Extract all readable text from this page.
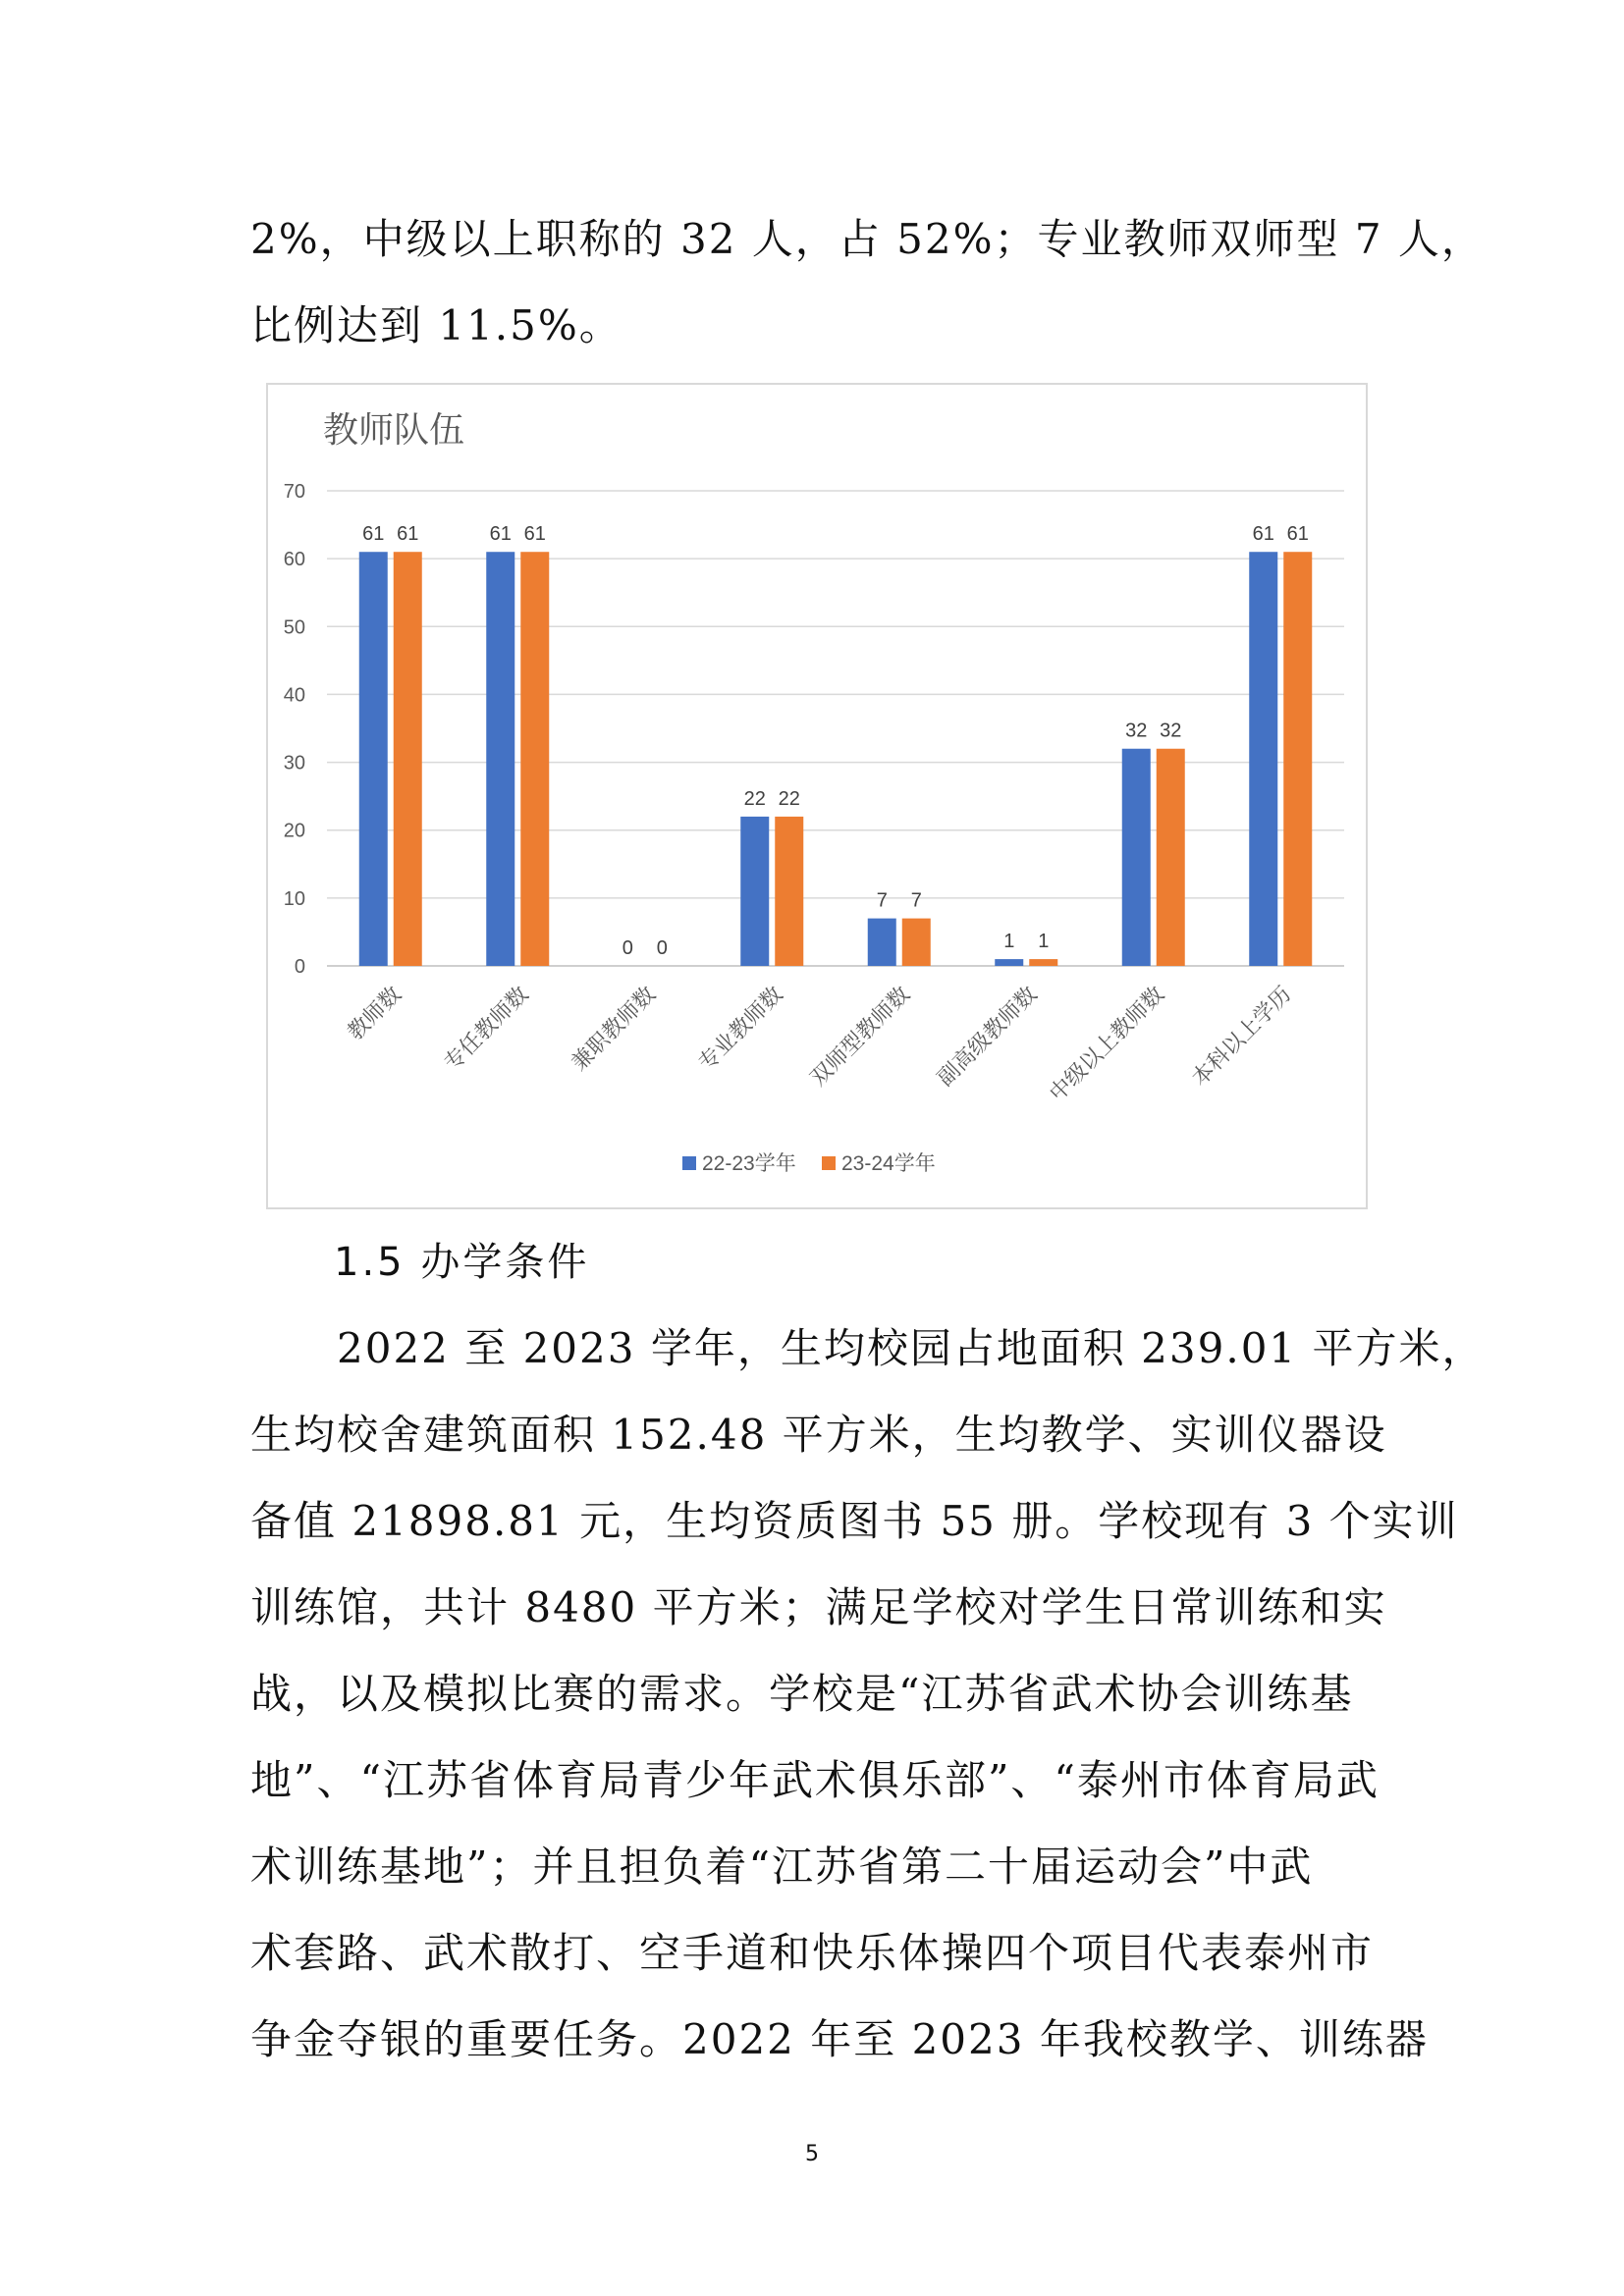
2%，中级以上职称的 32 人，占 52%；专业教师双师型 7 人，
比例达到 11.5%。
教师队伍
0
10
20
30
40
50
60
70
61 61
教师数
61 61
专任教师数
0 0
兼职教师数
22 22
专业教师数
7 7
双师型教师数
1 1
副高级教师数
32 32
中级以上教师数
61 61
本科以上学历
22-23学年 23-24学年
1.5 办学条件
　　2022 至 2023 学年，生均校园占地面积 239.01 平方米，
生均校舍建筑面积 152.48 平方米，生均教学、实训仪器设
备值 21898.81 元，生均资质图书 55 册。学校现有 3 个实训
训练馆，共计 8480 平方米；满足学校对学生日常训练和实
战，以及模拟比赛的需求。学校是“江苏省武术协会训练基
地”、“江苏省体育局青少年武术俱乐部”、“泰州市体育局武
术训练基地”；并且担负着“江苏省第二十届运动会”中武
术套路、武术散打、空手道和快乐体操四个项目代表泰州市
争金夺银的重要任务。2022 年至 2023 年我校教学、训练器
5
